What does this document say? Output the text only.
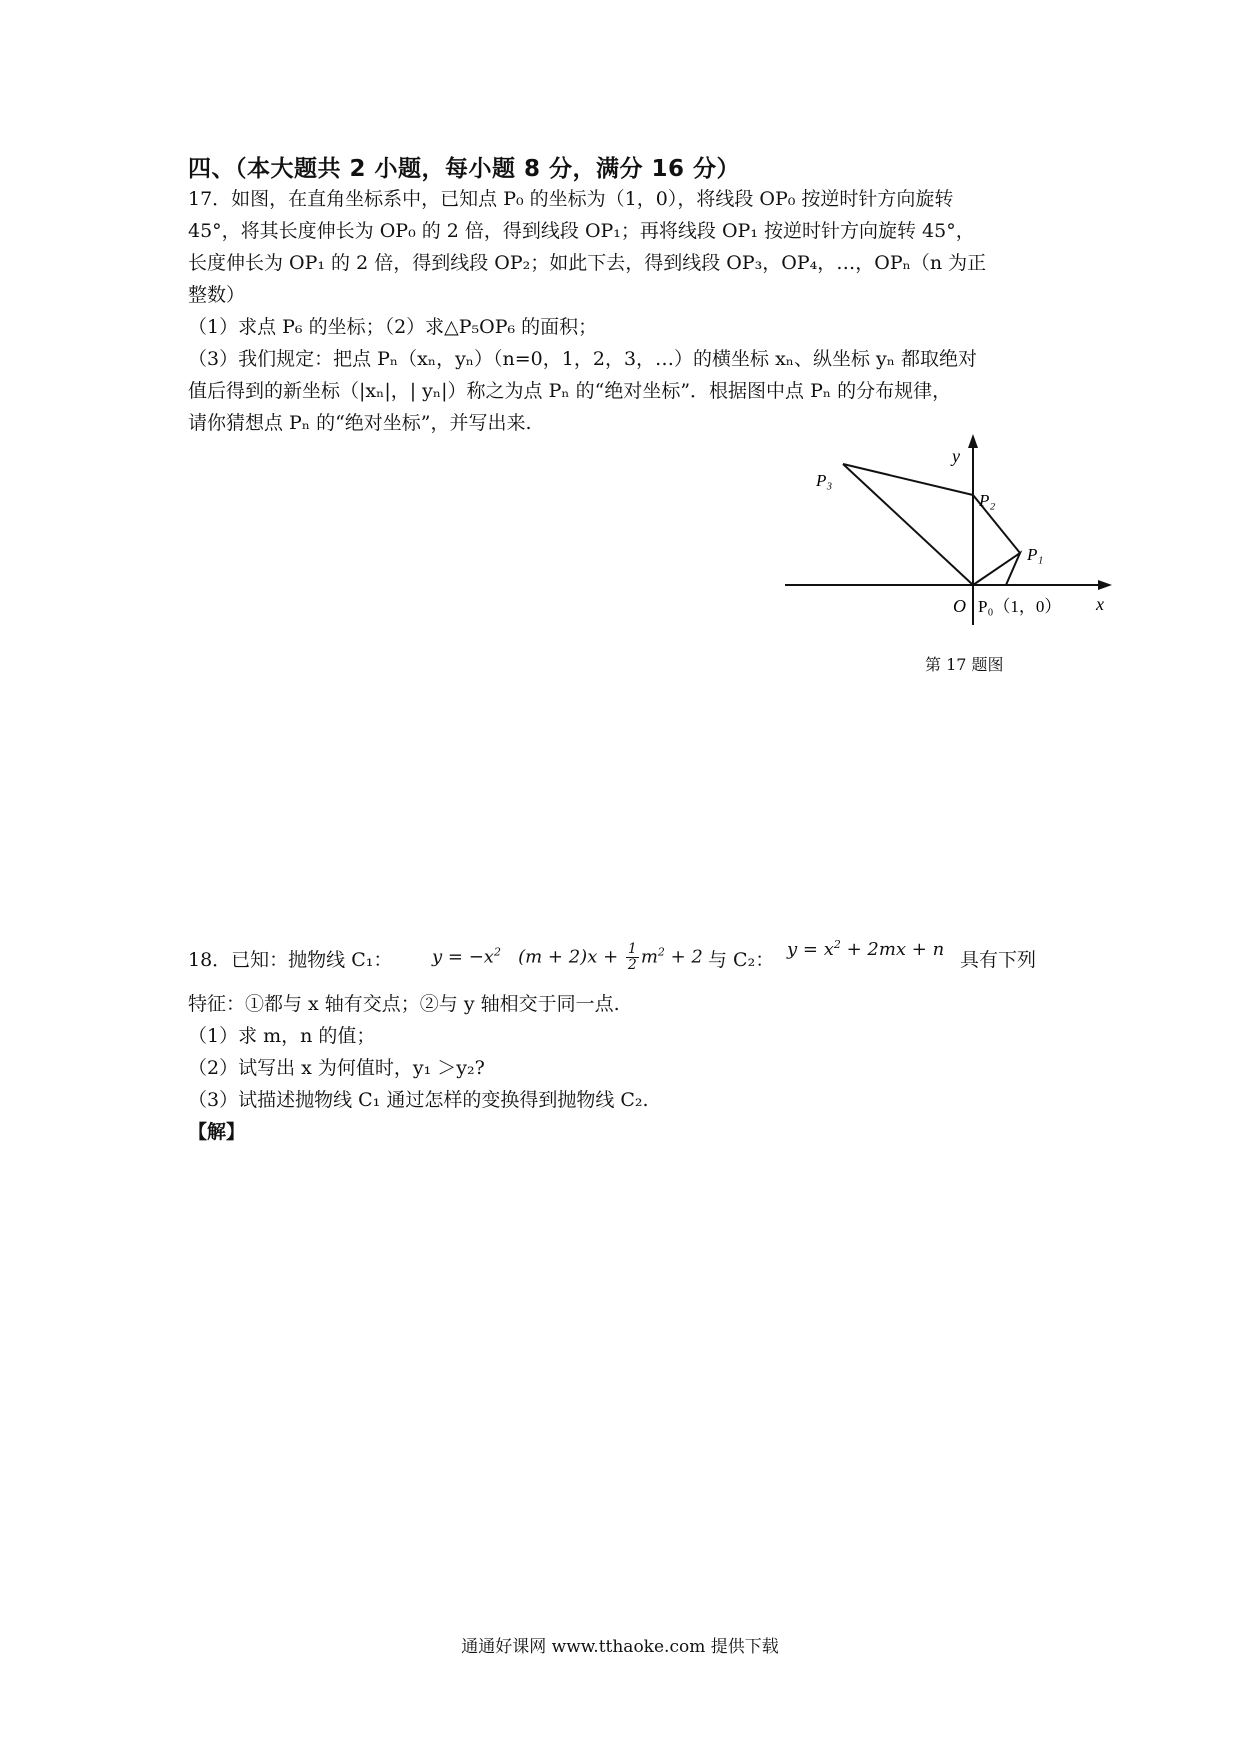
四、（本大题共 2 小题，每小题 8 分，满分 16 分）
17．如图，在直角坐标系中，已知点 P₀ 的坐标为（1，0），将线段 OP₀ 按逆时针方向旋转
45°，将其长度伸长为 OP₀ 的 2 倍，得到线段 OP₁；再将线段 OP₁ 按逆时针方向旋转 45°，
长度伸长为 OP₁ 的 2 倍，得到线段 OP₂；如此下去，得到线段 OP₃，OP₄，…，OPₙ（n 为正
整数）
（1）求点 P₆ 的坐标；（2）求△P₅OP₆ 的面积；
（3）我们规定：把点 Pₙ（xₙ，yₙ）（n=0，1，2，3，…）的横坐标 xₙ、纵坐标 yₙ 都取绝对
值后得到的新坐标（|xₙ|，| yₙ|）称之为点 Pₙ 的“绝对坐标”．根据图中点 Pₙ 的分布规律，
请你猜想点 Pₙ 的“绝对坐标”，并写出来.
y
x
O P₀（1，0）
P₁
P₂
P₃
第 17 题图
18．已知：抛物线 C₁： $y = -x^2$ $(m + 2)x + \frac{1}{2} m^2 + 2$ 与 C₂： $y = x^2 + 2mx + n$ 具有下列
特征：①都与 x 轴有交点；②与 y 轴相交于同一点.
（1）求 m，n 的值；
（2）试写出 x 为何值时，y₁ ＞y₂?
（3）试描述抛物线 C₁ 通过怎样的变换得到抛物线 C₂.
【解】
通通好课网 www.tthaoke.com 提供下载
